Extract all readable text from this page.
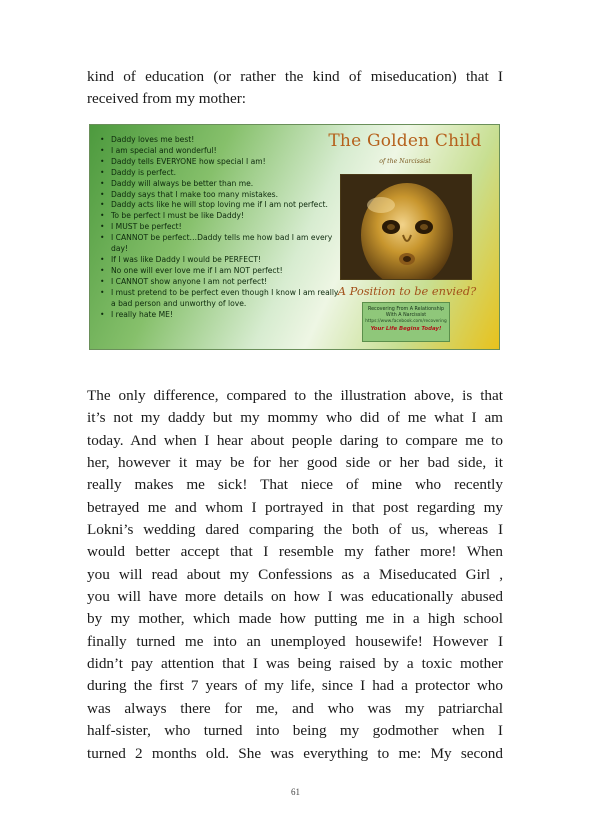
kind of education (or rather the kind of miseducation) that I
received from my mother:

• Daddy loves me best!
• I am special and wonderful!
• Daddy tells EVERYONE how special I am!
• Daddy is perfect.
• Daddy will always be better than me.
• Daddy says that I make too many mistakes.
• Daddy acts like he will stop loving me if I am not perfect.
• To be perfect I must be like Daddy!
• I MUST be perfect!
• I CANNOT be perfect…Daddy tells me how bad I am every day!
• If I was like Daddy I would be PERFECT!
• No one will ever love me if I am NOT perfect!
• I CANNOT show anyone I am not perfect!
• I must pretend to be perfect even though I know I am really a bad person and unworthy of love.
• I really hate ME!
The Golden Child
of the Narcissist
A Position to be envied?
Recovering From A Relationship With A Narcissist
https://www.facebook.com/recovering
Your Life Begins Today!
The only difference, compared to the illustration above, is that
it’s not my daddy but my mommy who did of me what I am
today. And when I hear about people daring to compare me to
her, however it may be for her good side or her bad side, it
really makes me sick! That niece of mine who recently
betrayed me and whom I portrayed in that post regarding my
Lokni’s wedding dared comparing the both of us, whereas I
would better accept that I resemble my father more! When
you will read about my Confessions as a Miseducated Girl ,
you will have more details on how I was educationally abused
by my mother, which made how putting me in a high school
finally turned me into an unemployed housewife! However I
didn’t pay attention that I was being raised by a toxic mother
during the first 7 years of my life, since I had a protector who
was always there for me, and who was my patriarchal
half-sister, who turned into being my godmother when I
turned 2 months old. She was everything to me: My second
61
